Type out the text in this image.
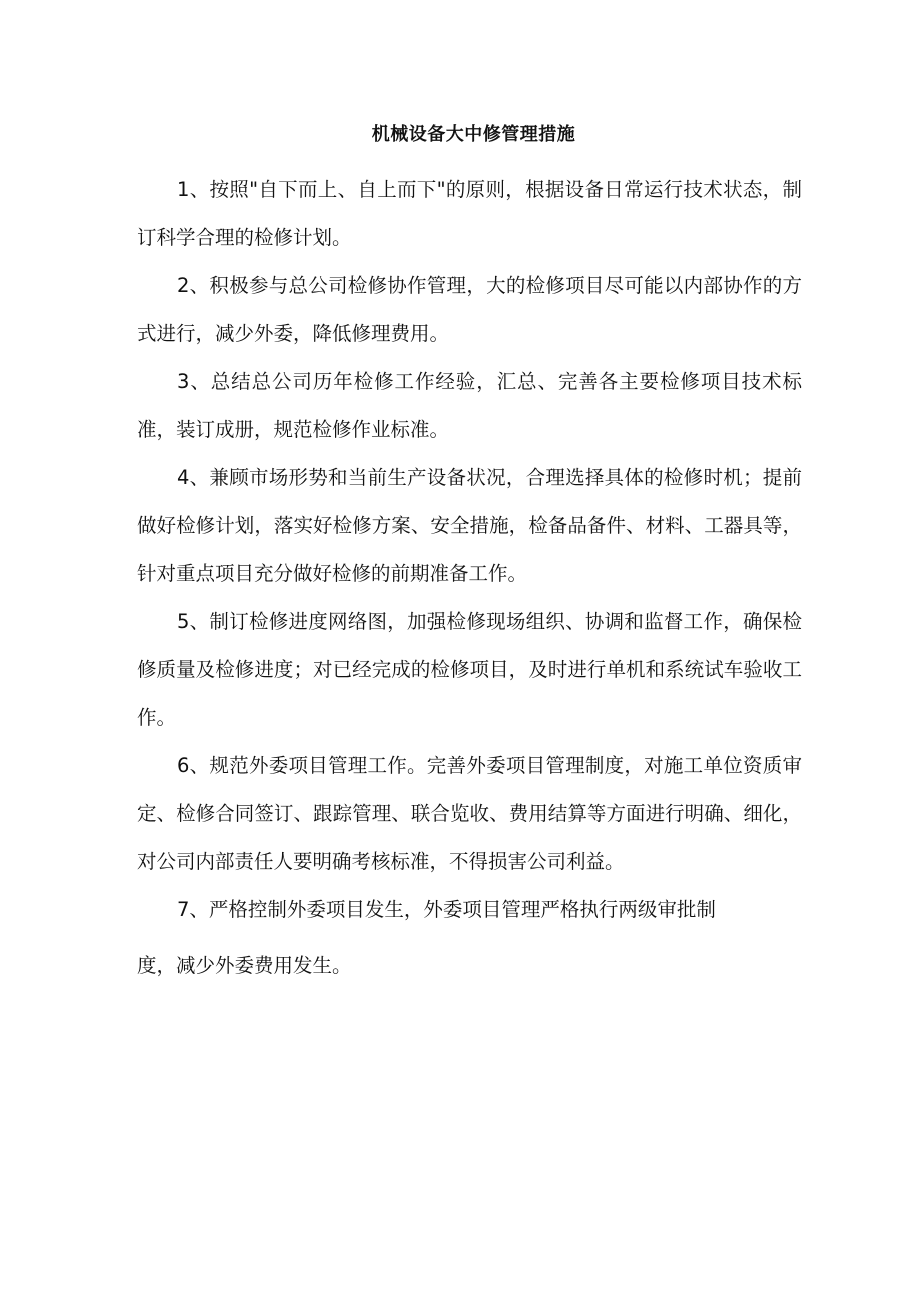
机械设备大中修管理措施

1、按照"自下而上、自上而下"的原则，根据设备日常运行技术状态，制订科学合理的检修计划。

2、积极参与总公司检修协作管理，大的检修项目尽可能以内部协作的方式进行，减少外委，降低修理费用。

3、总结总公司历年检修工作经验，汇总、完善各主要检修项目技术标准，装订成册，规范检修作业标准。

4、兼顾市场形势和当前生产设备状况，合理选择具体的检修时机；提前做好检修计划，落实好检修方案、安全措施，检备品备件、材料、工器具等，针对重点项目充分做好检修的前期准备工作。

5、制订检修进度网络图，加强检修现场组织、协调和监督工作，确保检修质量及检修进度；对已经完成的检修项目，及时进行单机和系统试车验收工作。

6、规范外委项目管理工作。完善外委项目管理制度，对施工单位资质审定、检修合同签订、跟踪管理、联合览收、费用结算等方面进行明确、细化，对公司内部责任人要明确考核标准，不得损害公司利益。

7、严格控制外委项目发生，外委项目管理严格执行两级审批制
度，减少外委费用发生。
